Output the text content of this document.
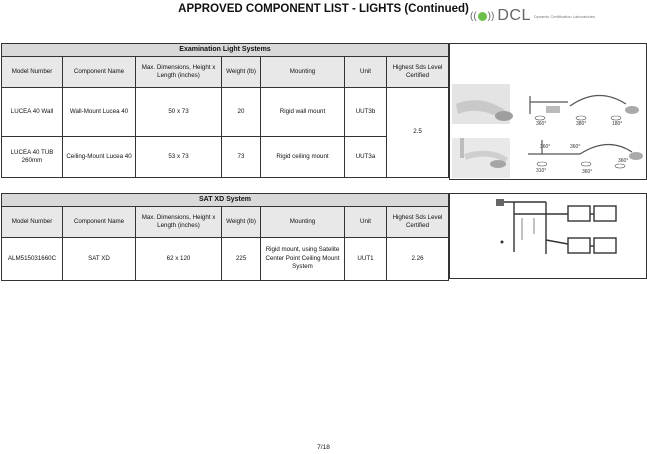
APPROVED COMPONENT LIST - LIGHTS (Continued)
(( )) DCL Dynamic Certification Laboratories
Examination Light Systems						
Model Number	Component Name	Max. Dimensions, Height x Length (inches)	Weight (lb)	Mounting	Unit	Highest Sds Level Certified
LUCEA 40 Wall	Wall-Mount Lucea 40	50 x 73	20	Rigid wall mount	UUT3b	2.5
LUCEA 40 TUB 260mm	Ceiling-Mount Lucea 40	53 x 73	73	Rigid ceiling mount	UUT3a	
360°	380°	180°
360°
310°
360°
360°
360°
SAT XD System						
Model Number	Component Name	Max. Dimensions, Height x Length (inches)	Weight (lb)	Mounting	Unit	Highest Sds Level Certified
ALM515031660C	SAT XD	62 x 120	225	Rigid mount, using Satelite Center Point Ceiling Mount System	UUT1	2.26
7/18
